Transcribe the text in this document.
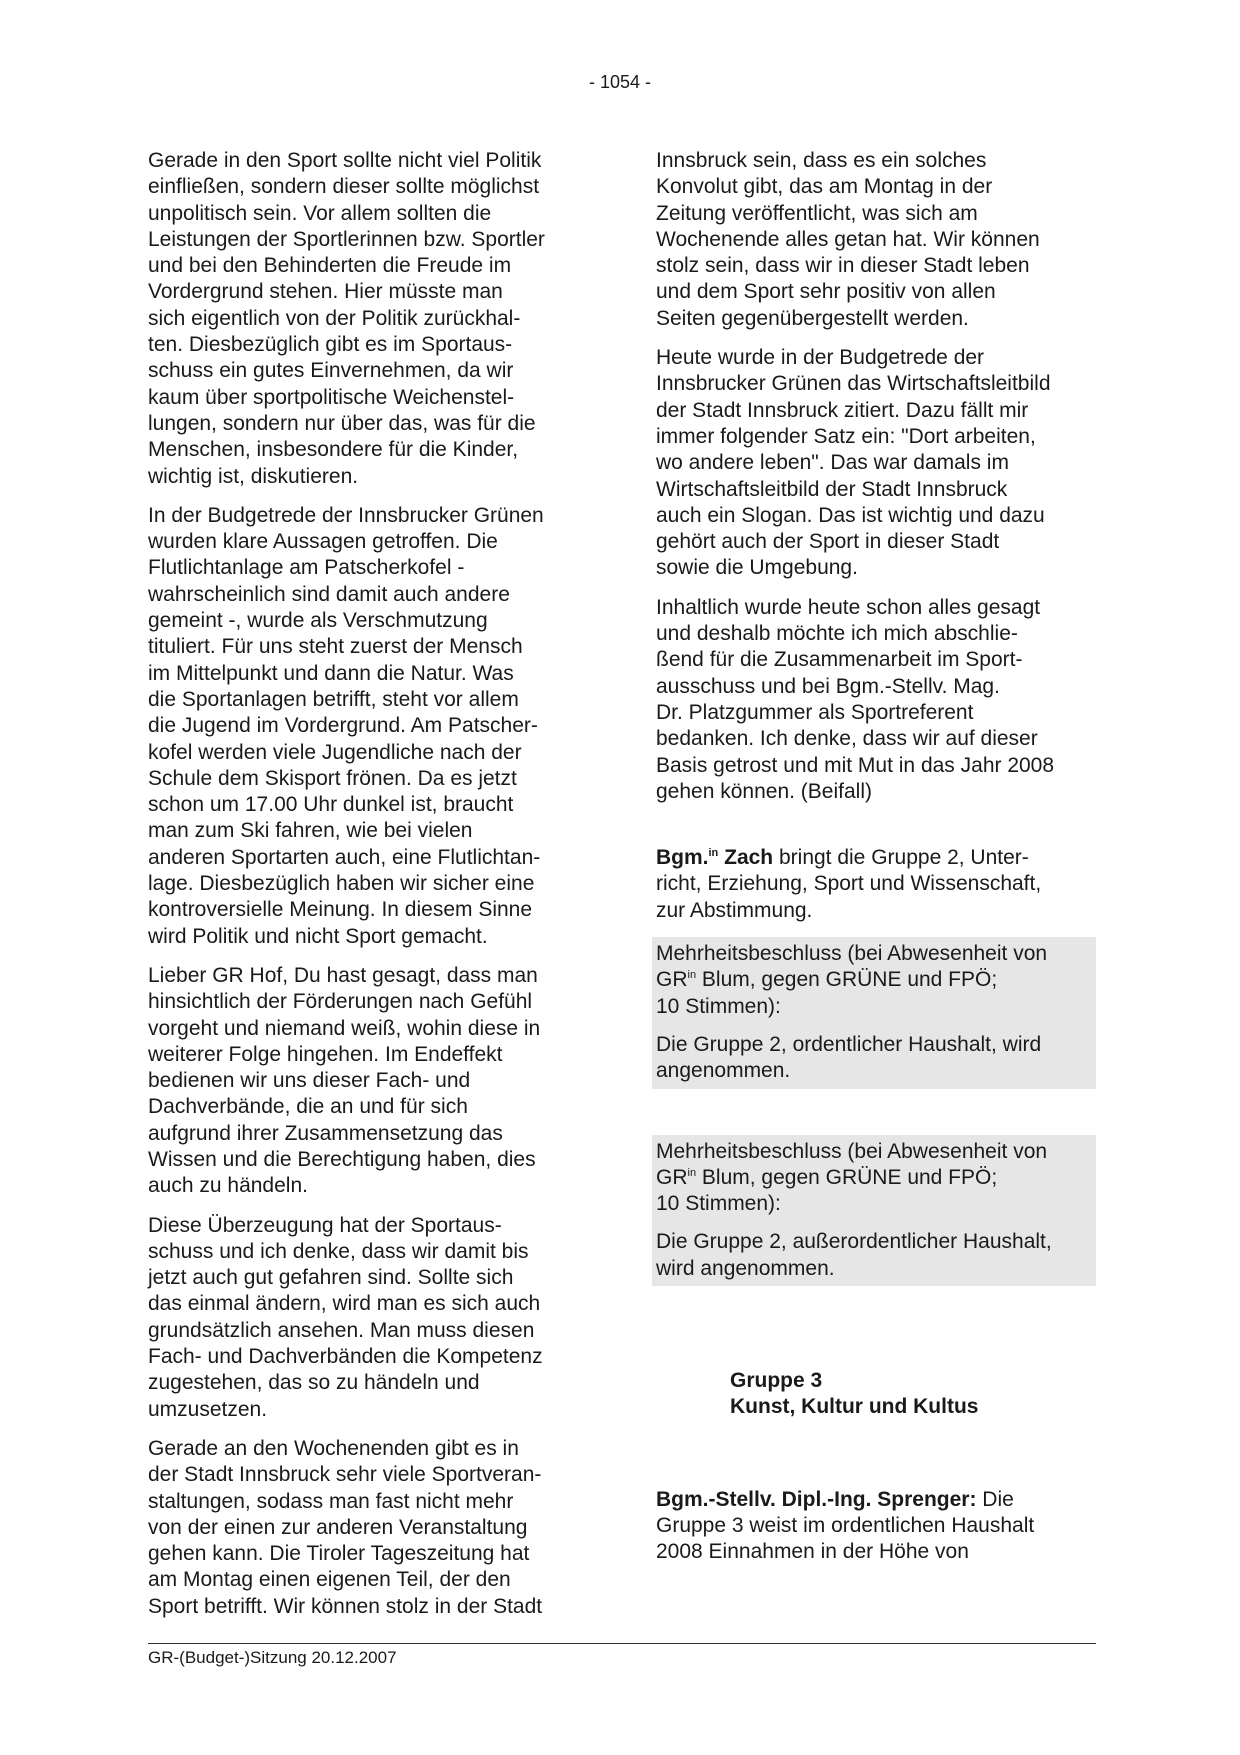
- 1054 -

Gerade in den Sport sollte nicht viel Politik
einfließen, sondern dieser sollte möglichst
unpolitisch sein. Vor allem sollten die
Leistungen der Sportlerinnen bzw. Sportler
und bei den Behinderten die Freude im
Vordergrund stehen. Hier müsste man
sich eigentlich von der Politik zurückhal-
ten. Diesbezüglich gibt es im Sportaus-
schuss ein gutes Einvernehmen, da wir
kaum über sportpolitische Weichenstel-
lungen, sondern nur über das, was für die
Menschen, insbesondere für die Kinder,
wichtig ist, diskutieren.

In der Budgetrede der Innsbrucker Grünen
wurden klare Aussagen getroffen. Die
Flutlichtanlage am Patscherkofel -
wahrscheinlich sind damit auch andere
gemeint -, wurde als Verschmutzung
tituliert. Für uns steht zuerst der Mensch
im Mittelpunkt und dann die Natur. Was
die Sportanlagen betrifft, steht vor allem
die Jugend im Vordergrund. Am Patscher-
kofel werden viele Jugendliche nach der
Schule dem Skisport frönen. Da es jetzt
schon um 17.00 Uhr dunkel ist, braucht
man zum Ski fahren, wie bei vielen
anderen Sportarten auch, eine Flutlichtan-
lage. Diesbezüglich haben wir sicher eine
kontroversielle Meinung. In diesem Sinne
wird Politik und nicht Sport gemacht.

Lieber GR Hof, Du hast gesagt, dass man
hinsichtlich der Förderungen nach Gefühl
vorgeht und niemand weiß, wohin diese in
weiterer Folge hingehen. Im Endeffekt
bedienen wir uns dieser Fach- und
Dachverbände, die an und für sich
aufgrund ihrer Zusammensetzung das
Wissen und die Berechtigung haben, dies
auch zu händeln.

Diese Überzeugung hat der Sportaus-
schuss und ich denke, dass wir damit bis
jetzt auch gut gefahren sind. Sollte sich
das einmal ändern, wird man es sich auch
grundsätzlich ansehen. Man muss diesen
Fach- und Dachverbänden die Kompetenz
zugestehen, das so zu händeln und
umzusetzen.

Gerade an den Wochenenden gibt es in
der Stadt Innsbruck sehr viele Sportveran-
staltungen, sodass man fast nicht mehr
von der einen zur anderen Veranstaltung
gehen kann. Die Tiroler Tageszeitung hat
am Montag einen eigenen Teil, der den
Sport betrifft. Wir können stolz in der Stadt

Innsbruck sein, dass es ein solches
Konvolut gibt, das am Montag in der
Zeitung veröffentlicht, was sich am
Wochenende alles getan hat. Wir können
stolz sein, dass wir in dieser Stadt leben
und dem Sport sehr positiv von allen
Seiten gegenübergestellt werden.

Heute wurde in der Budgetrede der
Innsbrucker Grünen das Wirtschaftsleitbild
der Stadt Innsbruck zitiert. Dazu fällt mir
immer folgender Satz ein: "Dort arbeiten,
wo andere leben". Das war damals im
Wirtschaftsleitbild der Stadt Innsbruck
auch ein Slogan. Das ist wichtig und dazu
gehört auch der Sport in dieser Stadt
sowie die Umgebung.

Inhaltlich wurde heute schon alles gesagt
und deshalb möchte ich mich abschlie-
ßend für die Zusammenarbeit im Sport-
ausschuss und bei Bgm.-Stellv. Mag.
Dr. Platzgummer als Sportreferent
bedanken. Ich denke, dass wir auf dieser
Basis getrost und mit Mut in das Jahr 2008
gehen können. (Beifall)

Bgm.$^{in}$ Zach bringt die Gruppe 2, Unter-
richt, Erziehung, Sport und Wissenschaft,
zur Abstimmung.

Mehrheitsbeschluss (bei Abwesenheit von
$GR^{in}$ Blum, gegen GRÜNE und FPÖ;
10 Stimmen):

Die Gruppe 2, ordentlicher Haushalt, wird
angenommen.

Mehrheitsbeschluss (bei Abwesenheit von
$GR^{in}$ Blum, gegen GRÜNE und FPÖ;
10 Stimmen):

Die Gruppe 2, außerordentlicher Haushalt,
wird angenommen.

Gruppe 3
Kunst, Kultur und Kultus

Bgm.-Stellv. Dipl.-Ing. Sprenger: Die
Gruppe 3 weist im ordentlichen Haushalt
2008 Einnahmen in der Höhe von

GR-(Budget-)Sitzung 20.12.2007
